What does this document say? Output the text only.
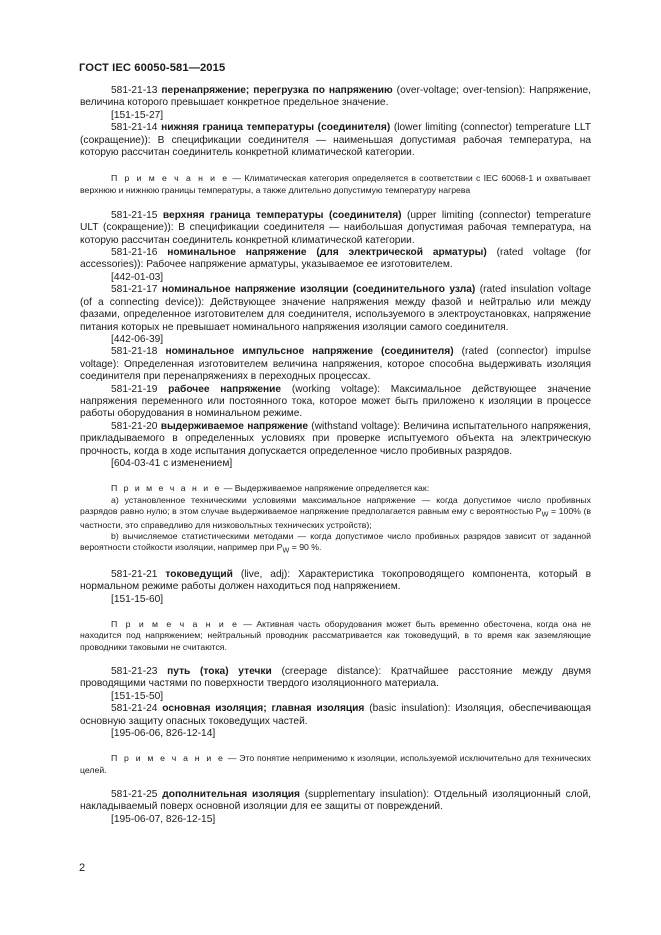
ГОСТ IEC 60050-581—2015

581-21-13 перенапряжение; перегрузка по напряжению (over-voltage; over-tension): Напряжение, величина которого превышает конкретное предельное значение.

[151-15-27]

581-21-14 нижняя граница температуры (соединителя) (lower limiting (connector) temperature LLT (сокращение)): В спецификации соединителя — наименьшая допустимая рабочая температура, на которую рассчитан соединитель конкретной климатической категории.

П р и м е ч а н и е — Климатическая категория определяется в соответствии с IEC 60068-1 и охватывает верхнюю и нижнюю границы температуры, а также длительно допустимую температуру нагрева

581-21-15 верхняя граница температуры (соединителя) (upper limiting (connector) temperature ULT (сокращение)): В спецификации соединителя — наибольшая допустимая рабочая температура, на которую рассчитан соединитель конкретной климатической категории.

581-21-16 номинальное напряжение (для электрической арматуры) (rated voltage (for accessories)): Рабочее напряжение арматуры, указываемое ее изготовителем.

[442-01-03]

581-21-17 номинальное напряжение изоляции (соединительного узла) (rated insulation voltage (of a connecting device)): Действующее значение напряжения между фазой и нейтралью или между фазами, определенное изготовителем для соединителя, используемого в электроустановках, напряжение питания которых не превышает номинального напряжения изоляции самого соединителя.

[442-06-39]

581-21-18 номинальное импульсное напряжение (соединителя) (rated (connector) impulse voltage): Определенная изготовителем величина напряжения, которое способна выдерживать изоляция соединителя при перенапряжениях в переходных процессах.

581-21-19 рабочее напряжение (working voltage): Максимальное действующее значение напряжения переменного или постоянного тока, которое может быть приложено к изоляции в процессе работы оборудования в номинальном режиме.

581-21-20 выдерживаемое напряжение (withstand voltage): Величина испытательного напряжения, прикладываемого в определенных условиях при проверке испытуемого объекта на электрическую прочность, когда в ходе испытания допускается определенное число пробивных разрядов.

[604-03-41 с изменением]

П р и м е ч а н и е — Выдерживаемое напряжение определяется как:

a) установленное техническими условиями максимальное напряжение — когда допустимое число пробивных разрядов равно нулю; в этом случае выдерживаемое напряжение предполагается равным ему с вероятностью $P_W = 100\%$ (в частности, это справедливо для низковольтных технических устройств);

b) вычисляемое статистическими методами — когда допустимое число пробивных разрядов зависит от заданной вероятности стойкости изоляции, например при $P_W = 90$ %.

581-21-21 токоведущий (live, adj): Характеристика токопроводящего компонента, который в нормальном режиме работы должен находиться под напряжением.

[151-15-60]

П р и м е ч а н и е — Активная часть оборудования может быть временно обесточена, когда она не находится под напряжением; нейтральный проводник рассматривается как токоведущий, в то время как заземляющие проводники таковыми не считаются.

581-21-23 путь (тока) утечки (creepage distance): Кратчайшее расстояние между двумя проводящими частями по поверхности твердого изоляционного материала.

[151-15-50]

581-21-24 основная изоляция; главная изоляция (basic insulation): Изоляция, обеспечивающая основную защиту опасных токоведущих частей.

[195-06-06, 826-12-14]

П р и м е ч а н и е — Это понятие неприменимо к изоляции, используемой исключительно для технических целей.

581-21-25 дополнительная изоляция (supplementary insulation): Отдельный изоляционный слой, накладываемый поверх основной изоляции для ее защиты от повреждений.

[195-06-07, 826-12-15]

2
